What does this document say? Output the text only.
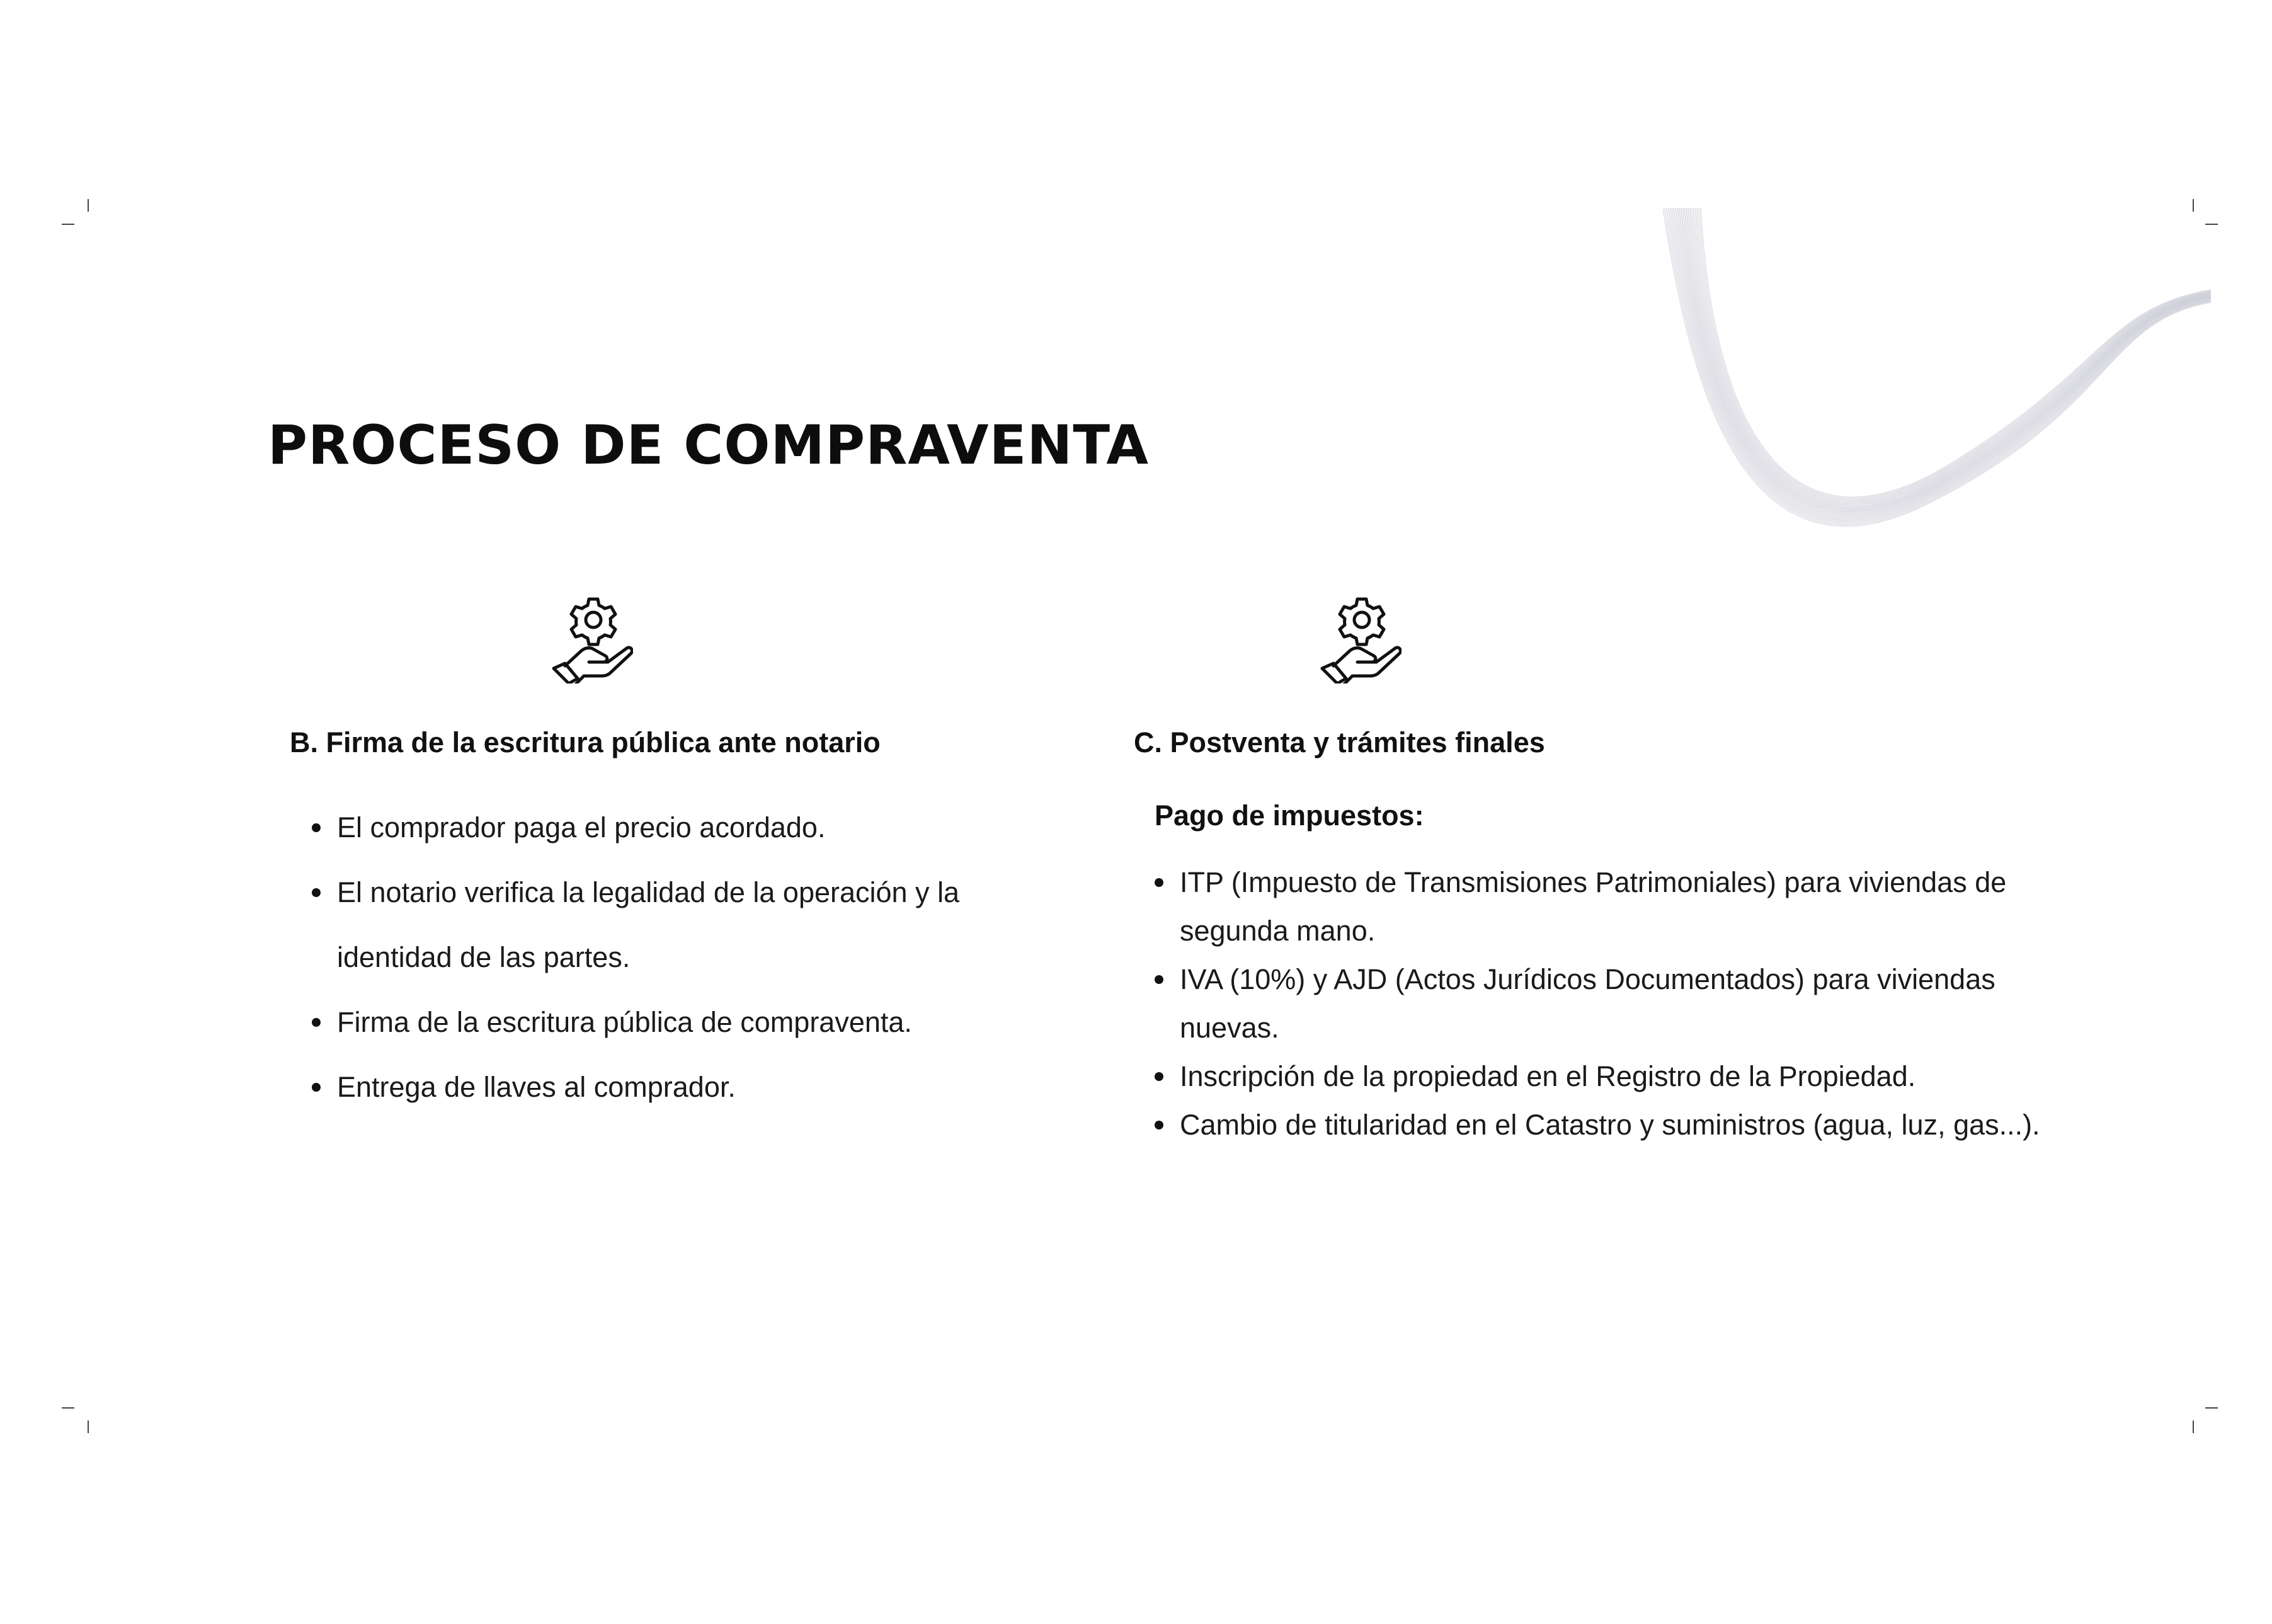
PROCESO DE COMPRAVENTA
B. Firma de la escritura pública ante notario
El comprador paga el precio acordado.
El notario verifica la legalidad de la operación y la identidad de las partes.
Firma de la escritura pública de compraventa.
Entrega de llaves al comprador.
C. Postventa y trámites finales
Pago de impuestos:
ITP (Impuesto de Transmisiones Patrimoniales) para viviendas de segunda mano.
IVA (10%) y AJD (Actos Jurídicos Documentados) para viviendas nuevas.
Inscripción de la propiedad en el Registro de la Propiedad.
Cambio de titularidad en el Catastro y suministros (agua, luz, gas...).
